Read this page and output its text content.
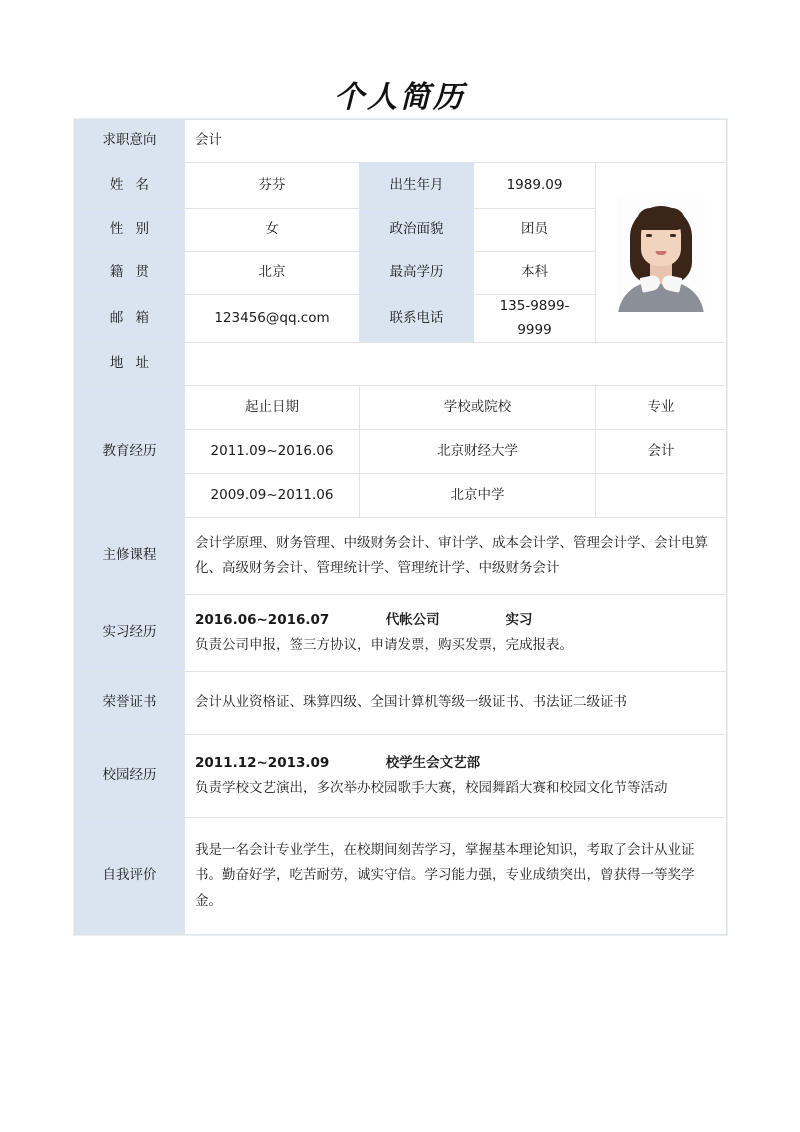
个人简历
求职意向	会计			
姓名	芬芬	出生年月	1989.09	

性别	女	政治面貌	团员	
籍贯	北京	最高学历	本科	
邮箱	123456@qq.com	联系电话	135-9899-9999	
地址				
教育经历	起止日期	学校或院校		专业
	2011.09~2016.06	北京财经大学		会计
	2009.09~2011.06	北京中学		
主修课程	会计学原理、财务管理、中级财务会计、审计学、成本会计学、管理会计学、会计电算化、高级财务会计、管理统计学、管理统计学、中级财务会计			

实习经历	2016.06~2016.07            代帐公司              实习
负责公司申报，签三方协议，申请发票，购买发票，完成报表。			

荣誉证书	会计从业资格证、珠算四级、全国计算机等级一级证书、书法证二级证书			

校园经历	2011.12~2013.09            校学生会文艺部
负责学校文艺演出，多次举办校园歌手大赛，校园舞蹈大赛和校园文化节等活动			

自我评价	我是一名会计专业学生，在校期间刻苦学习，掌握基本理论知识，考取了会计从业证书。勤奋好学，吃苦耐劳，诚实守信。学习能力强，专业成绩突出，曾获得一等奖学金。			
